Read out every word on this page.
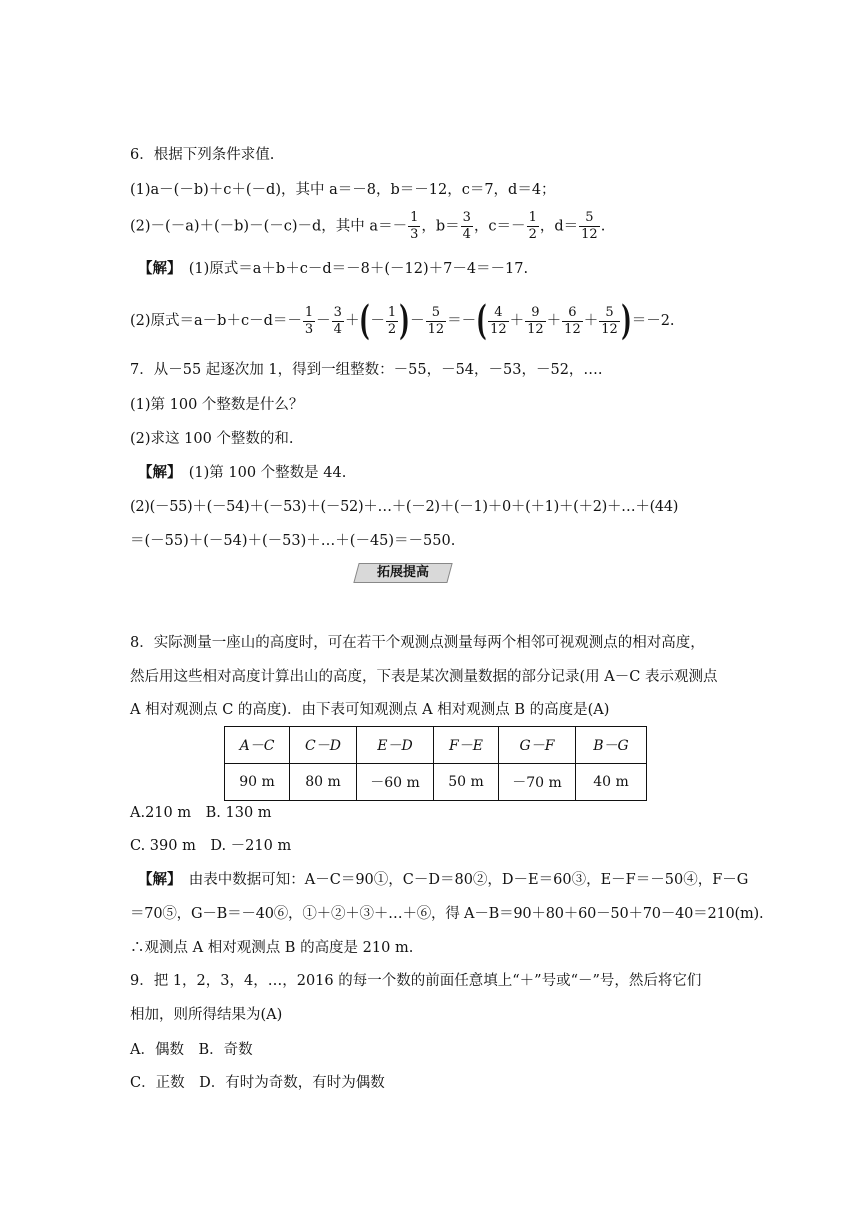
6．根据下列条件求值.
(1)a－(－b)＋c＋(－d)，其中 a＝－8，b＝－12，c＝7，d＝4；
(2)－(－a)＋(－b)－(－c)－d，其中 $a=- \frac{1}{3}$ ，$b= \frac{3}{4}$ ，$c=- \frac{1}{2}$ ，$d= \frac{5}{12}$ .
【解】　 (1)原式＝a＋b＋c－d＝－8＋(－12)＋7－4＝－17.
(2)原式$=a-b+c-d=- \frac{1}{3} - \frac{3}{4}$ ＋(－ $\frac{1}{2}$ )－ $\frac{5}{12}$ ＝－( $\frac{4}{12} + \frac{9}{12} + \frac{6}{12} + \frac{5}{12} )=-2$.
7．从－55 起逐次加 1，得到一组整数：－55，－54，－53，－52，….
(1)第 100 个整数是什么？
(2)求这 100 个整数的和.
【解】　 (1)第 100 个整数是 44.
(2)(－55)＋(－54)＋(－53)＋(－52)＋…＋(－2)＋(－1)＋0＋(＋1)＋(＋2)＋…＋(44)
＝(－55)＋(－54)＋(－53)＋…＋(－45)＝－550.
拓展提高
8．实际测量一座山的高度时，可在若干个观测点测量每两个相邻可视观测点的相对高度，
然后用这些相对高度计算出山的高度，下表是某次测量数据的部分记录(用 A－C 表示观测点
A 相对观测点 C 的高度)．由下表可知观测点 A 相对观测点 B 的高度是(A)
A－C	C－D	E－D	F－E	G－F	B－G
90 m	80 m	－60 m	50 m	－70 m	40 m
A.210 m　B. 130 m
C. 390 m　D. －210 m
【解】　 由表中数据可知：A－C＝90①，C－D＝80②，D－E＝60③，E－F＝－50④，F－G
＝70⑤，G－B＝－40⑥，①＋②＋③＋…＋⑥，得 A－B＝90＋80＋60－50＋70－40＝210(m).
∴观测点 A 相对观测点 B 的高度是 210 m.
9．把 1，2，3，4，…，2016 的每一个数的前面任意填上“＋”号或“－”号，然后将它们
相加，则所得结果为(A)
A．偶数　B．奇数
C．正数　D．有时为奇数，有时为偶数
